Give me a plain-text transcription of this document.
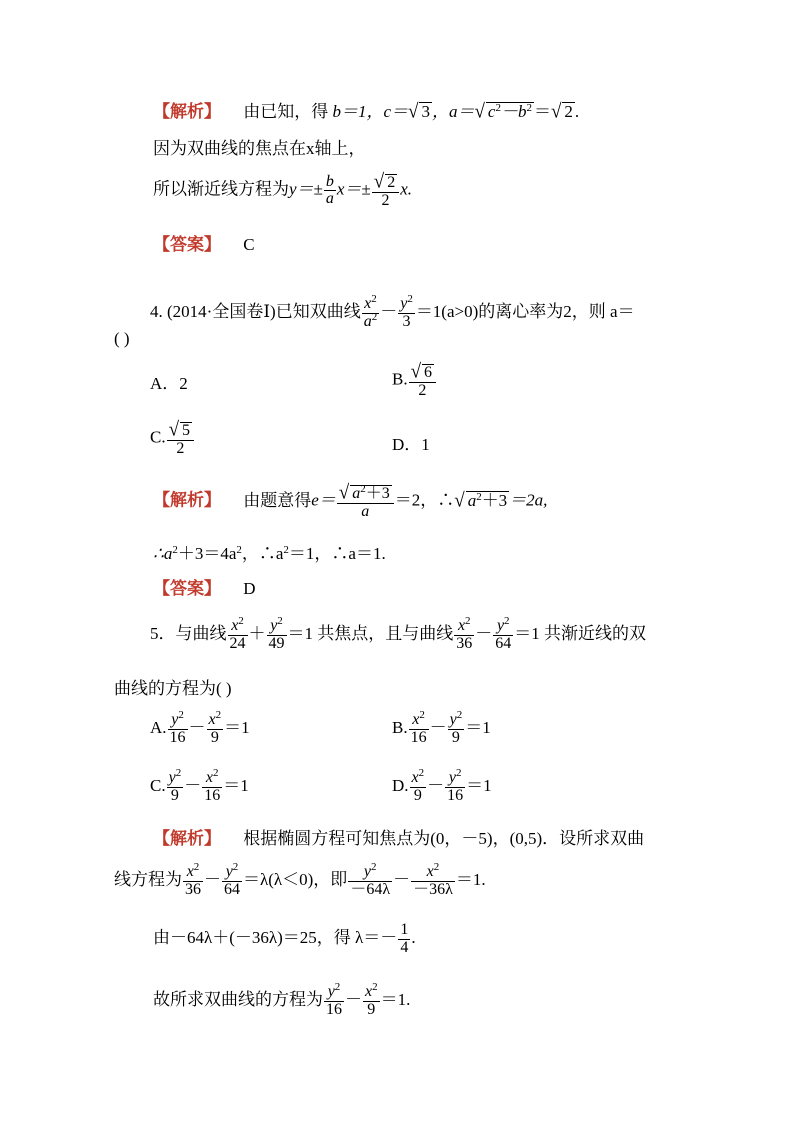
【解析】 由已知，得 b＝1，c＝√ 3 ，a＝√ $c^2-b^2$ ＝√ 2 .
因为双曲线的焦点在x轴上，
所以渐近线方程为$y=\pm \frac{b}{a} x=\pm \frac{√ 2}{2} x$.
【答案】 C
4. (2014·全国卷Ⅰ)已知双曲线 $\frac{x^2}{a^2} - \frac{y^2}{3} =1(a>0)$的离心率为2，则 a＝
( )
A．2	B. $\frac{√ 6}{2}$
C. $\frac{√ 5}{2}$	D．1
【解析】 由题意得$e= \frac{√ a^2+3}{a} =2$，∴√ $a^2+3 =2a$,
$\therefore a^2+3=4a^2$，$\therefore a^2=1$，∴a＝1.
【答案】 D
5．与曲线 $\frac{x^2}{24} + \frac{y^2}{49} =1$ 共焦点，且与曲线 $\frac{x^2}{36} - \frac{y^2}{64} =1$ 共渐近线的双
曲线的方程为( )
A. $\frac{y^2}{16} - \frac{x^2}{9} =1$	B. $\frac{x^2}{16} - \frac{y^2}{9} =1$
C. $\frac{y^2}{9} - \frac{x^2}{16} =1$	D. $\frac{x^2}{9} - \frac{y^2}{16} =1$
【解析】 根据椭圆方程可知焦点为(0，－5)，(0,5)．设所求双曲
线方程为 $\frac{x^2}{36} - \frac{y^2}{64} =\lambda(\lambda<0)$，即 $\frac{y^2}{-64\lambda} - \frac{x^2}{-36\lambda} =1$.
由－64λ＋(－36λ)＝25，得 $\lambda=- \frac{1}{4}$ .
故所求双曲线的方程为 $\frac{y^2}{16} - \frac{x^2}{9} =1$.
